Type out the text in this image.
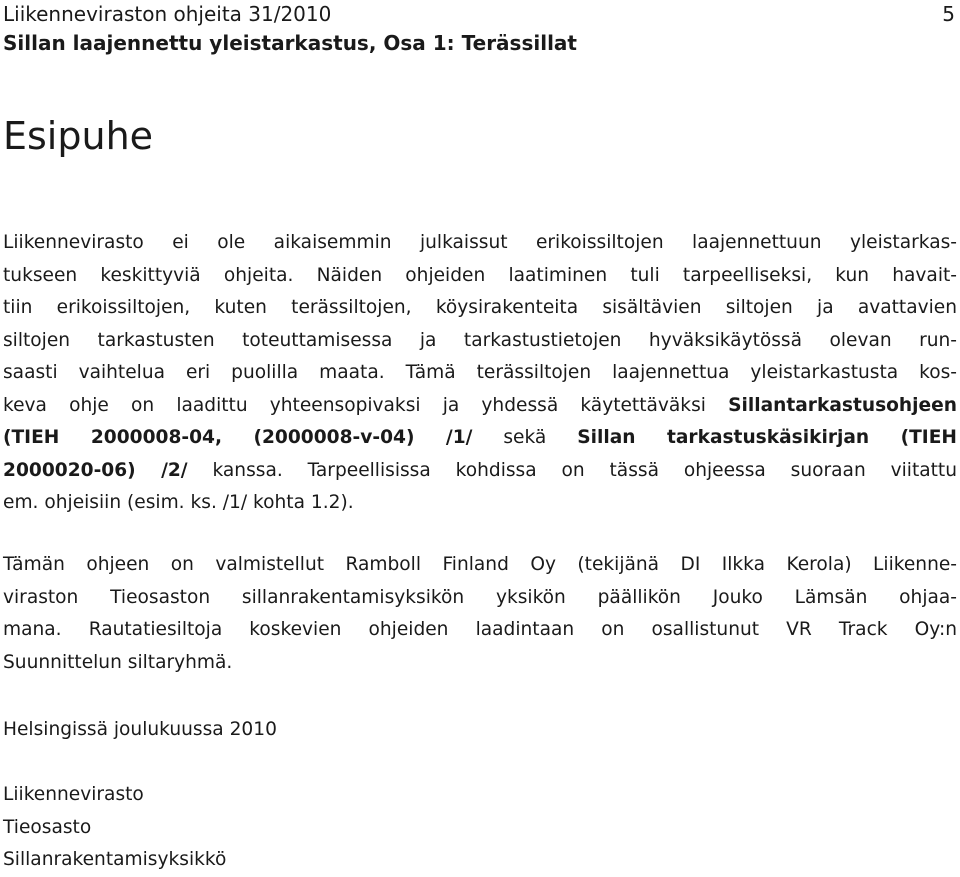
Liikenneviraston ohjeita 31/2010
Sillan laajennettu yleistarkastus, Osa 1: Terässillat
5
Esipuhe
Liikennevirasto ei ole aikaisemmin julkaissut erikoissiltojen laajennettuun yleistarkas-
tukseen keskittyviä ohjeita. Näiden ohjeiden laatiminen tuli tarpeelliseksi, kun havait-
tiin erikoissiltojen, kuten terässiltojen, köysirakenteita sisältävien siltojen ja avattavien
siltojen tarkastusten toteuttamisessa ja tarkastustietojen hyväksikäytössä olevan run-
saasti vaihtelua eri puolilla maata. Tämä terässiltojen laajennettua yleistarkastusta kos-
keva ohje on laadittu yhteensopivaksi ja yhdessä käytettäväksi Sillantarkastusohjeen
(TIEH 2000008-04, (2000008-v-04) /1/ sekä Sillan tarkastuskäsikirjan (TIEH
2000020-06) /2/ kanssa. Tarpeellisissa kohdissa on tässä ohjeessa suoraan viitattu
em. ohjeisiin (esim. ks. /1/ kohta 1.2).
Tämän ohjeen on valmistellut Ramboll Finland Oy (tekijänä DI Ilkka Kerola) Liikenne-
viraston Tieosaston sillanrakentamisyksikön yksikön päällikön Jouko Lämsän ohjaa-
mana. Rautatiesiltoja koskevien ohjeiden laadintaan on osallistunut VR Track Oy:n
Suunnittelun siltaryhmä.
Helsingissä joulukuussa 2010
Liikennevirasto
Tieosasto
Sillanrakentamisyksikkö
